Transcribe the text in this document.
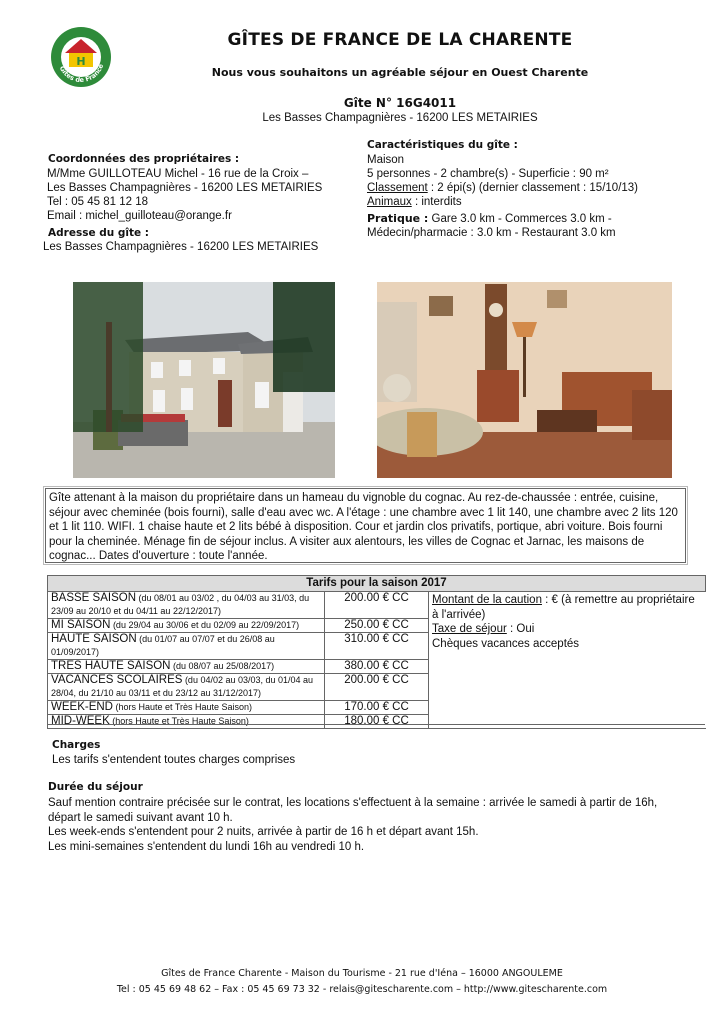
H
Gîtes de France
GÎTES DE FRANCE DE LA CHARENTE
Nous vous souhaitons un agréable séjour en Ouest Charente
Gîte N° 16G4011
Les Basses Champagnières - 16200 LES METAIRIES
Coordonnées des propriétaires :
M/Mme GUILLOTEAU Michel - 16 rue de la Croix –
Les Basses Champagnières - 16200 LES METAIRIES
Tel : 05 45 81 12 18
Email : michel_guilloteau@orange.fr
Adresse du gîte :
Les Basses Champagnières - 16200 LES METAIRIES
Caractéristiques du gîte :
Maison
5 personnes - 2 chambre(s) - Superficie : 90 m²
Classement : 2 épi(s) (dernier classement : 15/10/13)
Animaux : interdits
Pratique : Gare 3.0 km - Commerces 3.0 km -
Médecin/pharmacie : 3.0 km - Restaurant 3.0 km
Gîte attenant à la maison du propriétaire dans un hameau du vignoble du cognac. Au rez-de-chaussée : entrée, cuisine, séjour avec cheminée (bois fourni), salle d'eau avec wc. A l'étage : une chambre avec 1 lit 140, une chambre avec 2 lits 120 et 1 lit 110. WIFI. 1 chaise haute et 2 lits bébé à disposition. Cour et jardin clos privatifs, portique, abri voiture. Bois fourni pour la cheminée. Ménage fin de séjour inclus. A visiter aux alentours, les villes de Cognac et Jarnac, les maisons de cognac... Dates d'ouverture : toute l'année.
Tarifs pour la saison 2017		
BASSE SAISON (du 08/01 au 03/02 , du 04/03 au 31/03, du 23/09 au 20/10 et du 04/11 au 22/12/2017)	200.00 € CC	Montant de la caution : € (à remettre au propriétaire à l'arrivée)
Taxe de séjour : Oui
Chèques vacances acceptés

MI SAISON (du 29/04 au 30/06 et du 02/09 au 22/09/2017)	250.00 € CC	
HAUTE SAISON (du 01/07 au 07/07 et du 26/08 au 01/09/2017)	310.00 € CC	
TRES HAUTE SAISON (du 08/07 au 25/08/2017)	380.00 € CC	
VACANCES SCOLAIRES (du 04/02 au 03/03, du 01/04 au 28/04, du 21/10 au 03/11 et du 23/12 au 31/12/2017)	200.00 € CC	
WEEK-END (hors Haute et Très Haute Saison)	170.00 € CC	
MID-WEEK (hors Haute et Très Haute Saison)	180.00 € CC	
Charges
Les tarifs s'entendent toutes charges comprises
Durée du séjour
Sauf mention contraire précisée sur le contrat, les locations s'effectuent à la semaine : arrivée le samedi à partir de 16h, départ le samedi suivant avant 10 h.
Les week-ends s'entendent pour 2 nuits, arrivée à partir de 16 h et départ avant 15h.
Les mini-semaines s'entendent du lundi 16h au vendredi 10 h.
Gîtes de France Charente - Maison du Tourisme - 21 rue d'Iéna – 16000 ANGOULEME
Tel : 05 45 69 48 62 – Fax : 05 45 69 73 32 - relais@gitescharente.com – http://www.gitescharente.com
